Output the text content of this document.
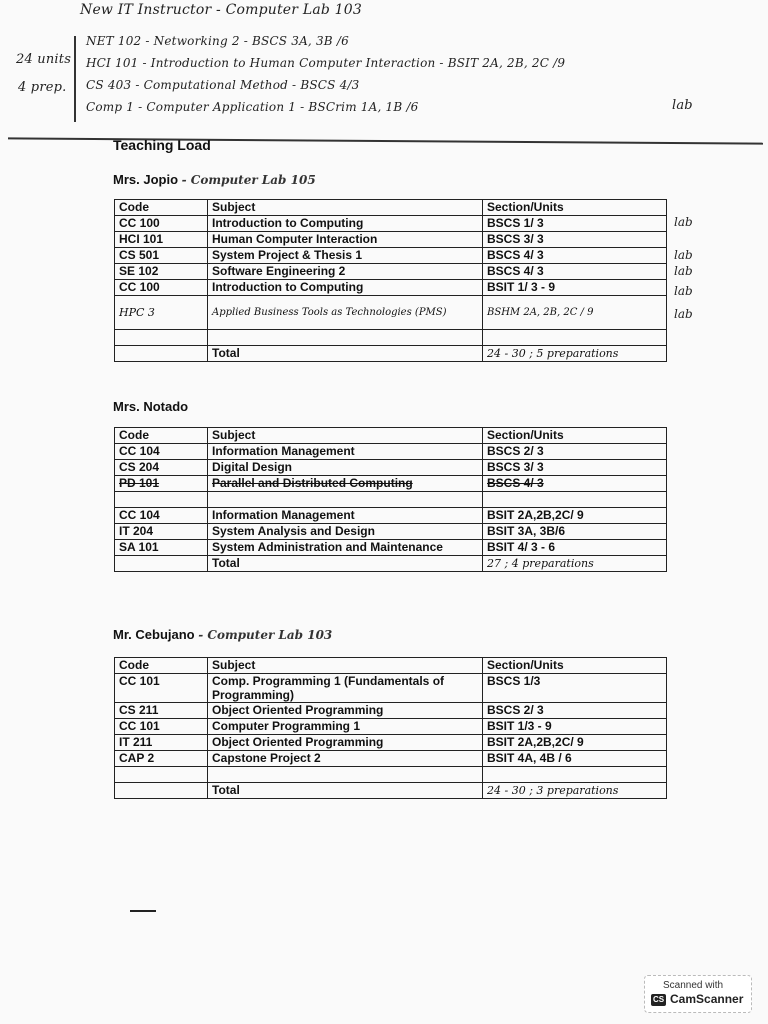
New IT Instructor - Computer Lab 103
24 units
4 prep.
NET 102 - Networking 2 - BSCS 3A, 3B /6
HCI 101 - Introduction to Human Computer Interaction - BSIT 2A, 2B, 2C /9
CS 403 - Computational Method - BSCS 4/3
Comp 1 - Computer Application 1 - BSCrim 1A, 1B /6	lab
Teaching Load
Mrs. Jopio - Computer Lab 105
Code	Subject	Section/Units
CC 100	Introduction to Computing	BSCS 1/ 3
HCI 101	Human Computer Interaction	BSCS 3/ 3
CS 501	System Project & Thesis 1	BSCS 4/ 3
SE 102	Software Engineering 2	BSCS 4/ 3
CC 100	Introduction to Computing	BSIT 1/ 3 - 9
HPC 3	Applied Business Tools as Technologies (PMS)	BSHM 2A, 2B, 2C / 9

	Total	24 - 30 ; 5 preparations
lab
lab
lab
lab
lab
Mrs. Notado
Code	Subject	Section/Units
CC 104	Information Management	BSCS 2/ 3
CS 204	Digital Design	BSCS 3/ 3
PD 101	Parallel and Distributed Computing	BSCS 4/ 3

CC 104	Information Management	BSIT 2A,2B,2C/ 9
IT 204	System Analysis and Design	BSIT 3A, 3B/6
SA 101	System Administration and Maintenance	BSIT 4/ 3 - 6
	Total	27 ; 4 preparations
Mr. Cebujano - Computer Lab 103
Code	Subject	Section/Units
CC 101	Comp. Programming 1 (Fundamentals of Programming)	BSCS 1/3
CS 211	Object Oriented Programming	BSCS 2/ 3
CC 101	Computer Programming 1	BSIT 1/3 - 9
IT 211	Object Oriented Programming	BSIT 2A,2B,2C/ 9
CAP 2	Capstone Project 2	BSIT 4A, 4B / 6

	Total	24 - 30 ; 3 preparations
Scanned with
CS CamScanner
